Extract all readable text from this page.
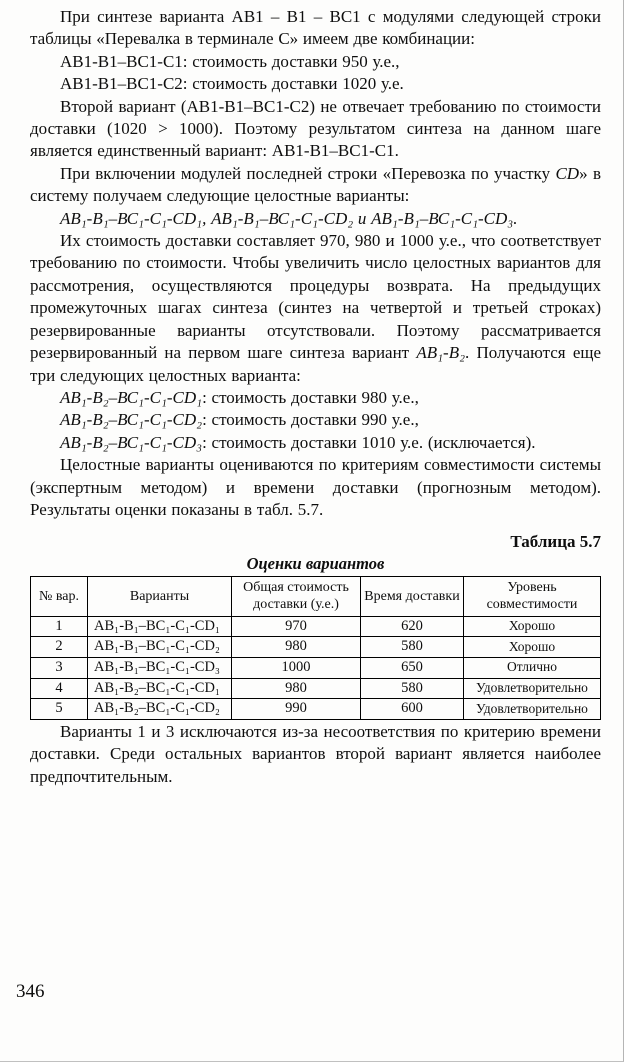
При синтезе варианта АВ1 – В1 – ВС1 с модулями следующей строки таблицы «Перевалка в терминале С» имеем две комбинации:

АВ1-В1–ВС1-С1: стоимость доставки 950 у.е.,

АВ1-В1–ВС1-С2: стоимость доставки 1020 у.е.

Второй вариант (АВ1-В1–ВС1-С2) не отвечает требованию по стоимости доставки (1020 > 1000). Поэтому результатом синтеза на данном шаге является единственный вариант: АВ1-В1–ВС1-С1.

При включении модулей последней строки «Перевозка по участку CD» в систему получаем следующие целостные варианты:

АВ₁-В₁–ВС₁-С₁-СD₁, АВ₁-В₁–ВС₁-С₁-СD₂ и АВ₁-В₁–ВС₁-С₁-СD₃.

Их стоимость доставки составляет 970, 980 и 1000 у.е., что соответствует требованию по стоимости. Чтобы увеличить число целостных вариантов для рассмотрения, осуществляются процедуры возврата. На предыдущих промежуточных шагах синтеза (синтез на четвертой и третьей строках) резервированные варианты отсутствовали. Поэтому рассматривается резервированный на первом шаге синтеза вариант АВ₁-В₂. Получаются еще три следующих целостных варианта:

АВ₁-В₂–ВС₁-С₁-СD₁: стоимость доставки 980 у.е.,

АВ₁-В₂–ВС₁-С₁-СD₂: стоимость доставки 990 у.е.,

АВ₁-В₂–ВС₁-С₁-СD₃: стоимость доставки 1010 у.е. (исключается).

Целостные варианты оцениваются по критериям совместимости системы (экспертным методом) и времени доставки (прогнозным методом). Результаты оценки показаны в табл. 5.7.

Таблица 5.7
Оценки вариантов
№ вар.	Варианты	Общая стоимость доставки (у.е.)	Время доставки	Уровень совместимости
1	АВ₁-В₁–ВС₁-С₁-СD₁	970	620	Хорошо
2	АВ₁-В₁–ВС₁-С₁-СD₂	980	580	Хорошо
3	АВ₁-В₁–ВС₁-С₁-СD₃	1000	650	Отлично
4	АВ₁-В₂–ВС₁-С₁-СD₁	980	580	Удовлетворительно
5	АВ₁-В₂–ВС₁-С₁-СD₂	990	600	Удовлетворительно

Варианты 1 и 3 исключаются из-за несоответствия по критерию времени доставки. Среди остальных вариантов второй вариант является наиболее предпочтительным.

346
